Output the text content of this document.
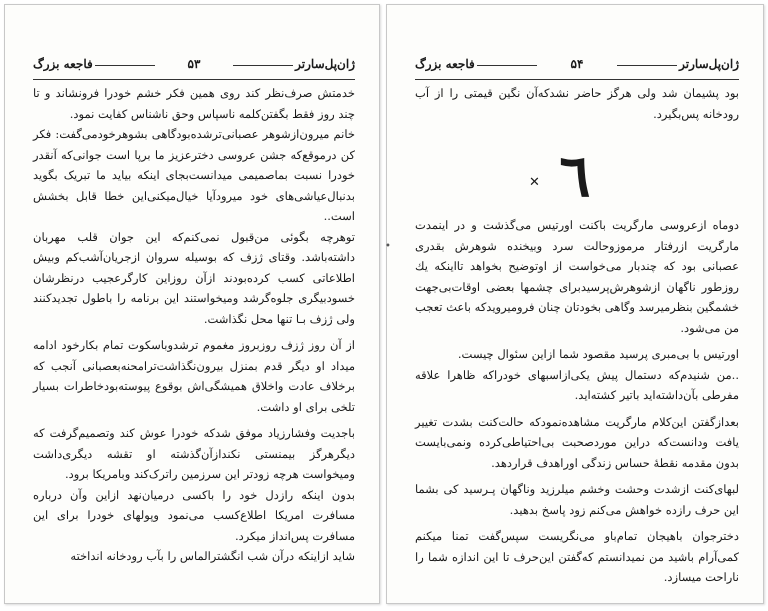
ژان‌پل‌سارتر
۵۳
فاجعه بزرگ

خدمتش صرف‌نظر کند روی همین فکر خشم خودرا فرونشاند و تا چند روز فقط بگفتن‌کلمه ناسپاس وحق ناشناس کفایت نمود.

خانم میرون‌ازشوهر عصبانی‌ترشده‌بودگاهی بشوهرخودمی‌گفت: فکر کن درموقع‌که جشن عروسی دخترعزیز ما برپا است جوانی‌که آنقدر خودرا نسبت بماصمیمی میدانست‌بجای اینکه بیاید ما تبریک بگوید بدنبال‌عیاشی‌های خود میرود‌آیا خیال‌میکنی‌این خطا قابل بخشش است..

توهرچه بگوئی من‌قبول نمی‌کنم‌که این جوان قلب مهربان داشته‌باشد. وقتای ژزف که بوسیله سروان ازجریان‌آشب‌کم وبیش اطلاعاتی کسب کرده‌بودند از‌آن روز‌این کارگرعجیب درنظرشان خسودبیگری جلوه‌گرشد ومیخواستند این برنامه را باطول تجدیدکنند ولی ژزف بـا تنها محل نگذاشت.

از آن روز ژزف روزبروز مغموم ترشدوباسکوت تمام بکارخود ادامه میداد او دیگر قدم بمنزل بیرون‌نگذاشت‌ترامحنه‌بعصبانی آنجب که برخلاف عادت واخلاق همیشگی‌اش بوقوع پیوسته‌بودخاطرات بسیار تلخی برای او داشت.

باجدیت وفشارزیاد موفق شدکه خودرا عوش کند وتصمیم‌گرفت که دیگرهرگز بیمنستی نکنداز‌آن‌گذشته او تقشه دیگری‌داشت ومیخواست هرچه زودتر این سرزمین راترک‌کند وبامریکا برود.

بدون اینکه رازدل خود را باکسی درمیان‌نهد از‌این وآن درباره مسافرت امریکا اطلاع‌کسب می‌نمود وپولهای خودرا برای این مسافرت پس‌انداز میکرد.

شاید ازاینکه در‌آن شب انگشتر‌الماس را بآب رودخانه انداخته

ژان‌پل‌سارتر
۵۴
فاجعه بزرگ

بود پشیمان شد ولی هرگز حاضر نشدکه‌آن نگین قیمتی را از آب رودخانه پس‌بگیرد.

٦
✕
•

دوماه ازعروسی مارگریت باکنت اورتیس می‌گذشت و در اینمدت مارگریت ازرفتار مرموزوحالت سرد وبیخنده شوهرش بقدری عصبانی بود که چندبار می‌خواست از اوتوضیح بخواهد تااینکه یك روزطور ناگهان ازشوهرش‌پرسیدبرای چشمها بعضی اوقات‌بی‌جهت خشمگین بنظرمیرسد وگاهی بخودتان چنان فرومیروید‌که باعث تعجب من می‌شود.

اورتیس با بی‌مبری پرسید مقصود شما ازاین سئوال چیست.

..من شنیدم‌که دستمال پیش یکی‌ازاسبهای خودرا‌که ظاهرا علاقه مفرطی بآن‌داشته‌اید باتیر کشته‌اید.

بعدازگفتن این‌کلام مارگریت مشاهده‌نمود‌که حالت‌کنت بشدت تغییر یافت ودانست‌که دراین موردصحبت بی‌احتیاطی‌کرده ونمی‌بایست بدون مقدمه نقطهٔ حساس زندگی اورا‌هدف قراردهد.

لبهای‌کنت ازشدت وحشت وخشم میلرزید وناگهان پـرسید کی بشما این حرف رازده خواهش می‌کنم زود پاسخ بدهید.

دخترجوان باهیجان تمام‌باو می‌نگریست سپس‌گفت تمنا میکنم کمی‌آرام باشید من نمیدانستم که‌گفتن این‌حرف تا این اندازه شما را ناراحت میسازد.
